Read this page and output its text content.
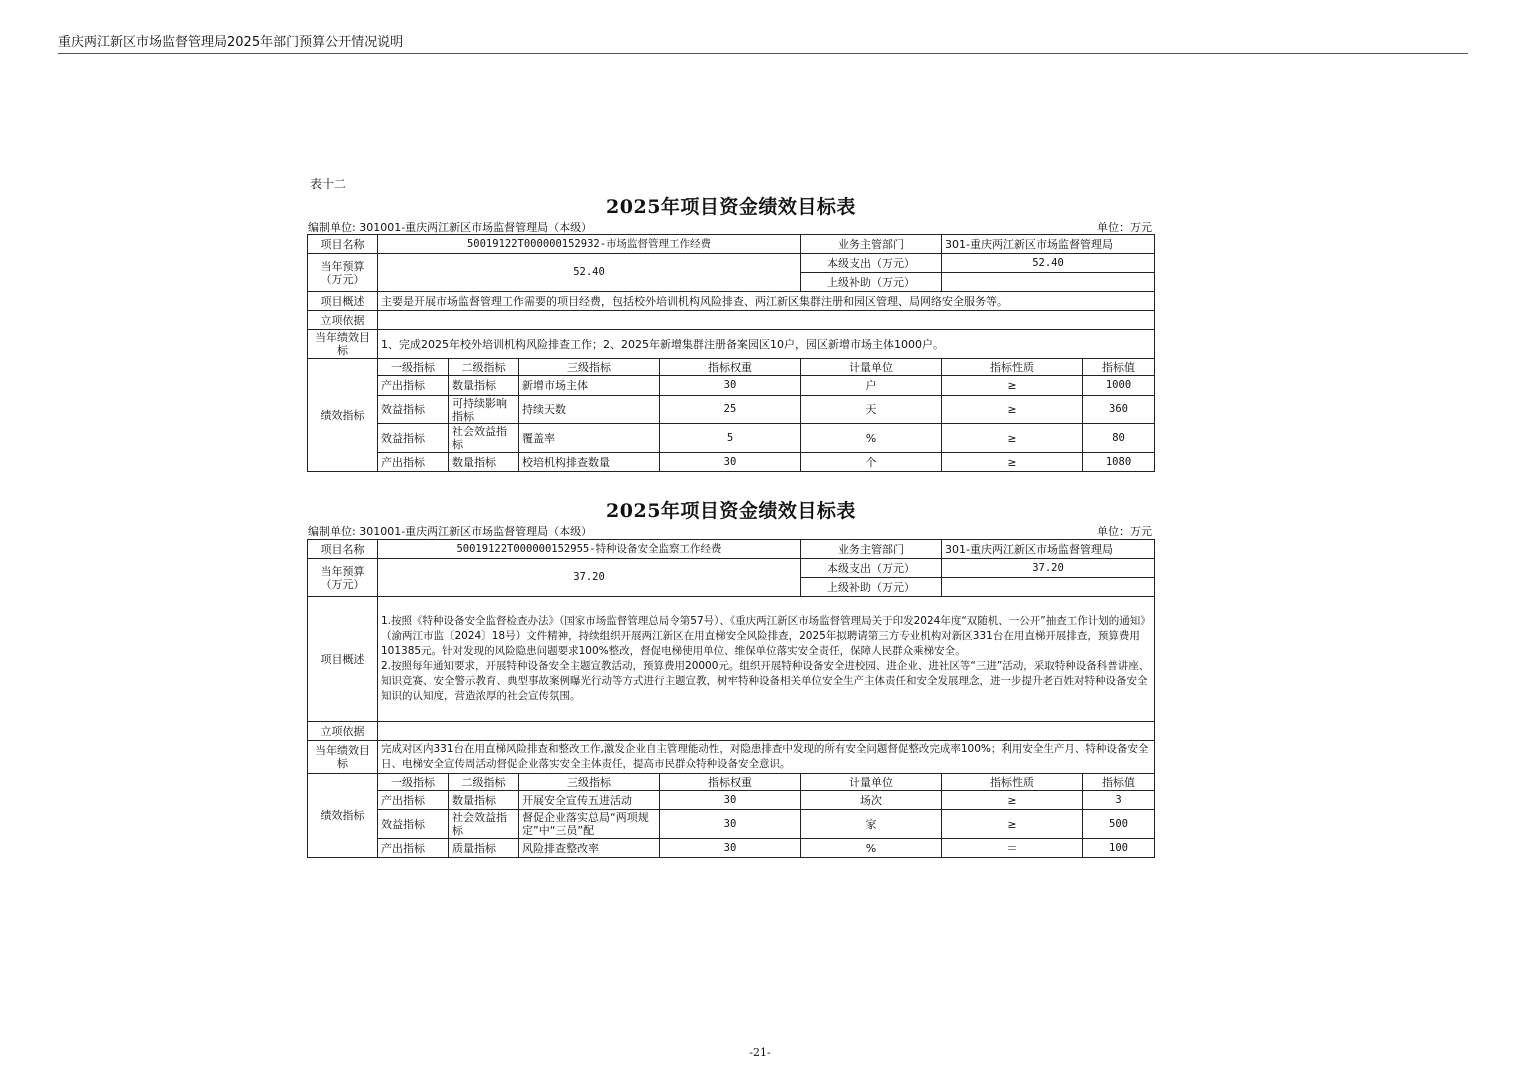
重庆两江新区市场监督管理局2025年部门预算公开情况说明
表十二
2025年项目资金绩效目标表
编制单位: 301001-重庆两江新区市场监督管理局（本级）	单位：万元
项目名称	50019122T000000152932-市场监督管理工作经费				业务主管部门	301-重庆两江新区市场监督管理局	
当年预算（万元）	52.40				本级支出（万元）	52.40	
					上级补助（万元）		
项目概述	主要是开展市场监督管理工作需要的项目经费，包括校外培训机构风险排查、两江新区集群注册和园区管理、局网络安全服务等。						
立项依据							
当年绩效目标	1、完成2025年校外培训机构风险排查工作；2、2025年新增集群注册备案园区10户，园区新增市场主体1000户。						
绩效指标	一级指标	二级指标	三级指标	指标权重	计量单位	指标性质	指标值
	产出指标	数量指标	新增市场主体	30	户	≥	1000
	效益指标	可持续影响指标	持续天数	25	天	≥	360
	效益指标	社会效益指标	覆盖率	5	%	≥	80
	产出指标	数量指标	校培机构排查数量	30	个	≥	1080
2025年项目资金绩效目标表
编制单位: 301001-重庆两江新区市场监督管理局（本级）	单位：万元
项目名称	50019122T000000152955-特种设备安全监察工作经费				业务主管部门	301-重庆两江新区市场监督管理局	
当年预算（万元）	37.20				本级支出（万元）	37.20	
					上级补助（万元）		
项目概述	1.按照《特种设备安全监督检查办法》（国家市场监督管理总局令第57号）、《重庆两江新区市场监督管理局关于印发2024年度“双随机、一公开”抽查工作计划的通知》（渝两江市监〔2024〕18号）文件精神，持续组织开展两江新区在用直梯安全风险排查，2025年拟聘请第三方专业机构对新区331台在用直梯开展排查，预算费用101385元。针对发现的风险隐患问题要求100%整改，督促电梯使用单位、维保单位落实安全责任，保障人民群众乘梯安全。
2.按照每年通知要求，开展特种设备安全主题宣教活动，预算费用20000元。组织开展特种设备安全进校园、进企业、进社区等“三进”活动，采取特种设备科普讲座、知识竞赛、安全警示教育、典型事故案例曝光行动等方式进行主题宣教，树牢特种设备相关单位安全生产主体责任和安全发展理念，进一步提升老百姓对特种设备安全知识的认知度，营造浓厚的社会宣传氛围。						

立项依据							
当年绩效目标	完成对区内331台在用直梯风险排查和整改工作,激发企业自主管理能动性，对隐患排查中发现的所有安全问题督促整改完成率100%；利用安全生产月、特种设备安全日、电梯安全宣传周活动督促企业落实安全主体责任，提高市民群众特种设备安全意识。						
绩效指标	一级指标	二级指标	三级指标	指标权重	计量单位	指标性质	指标值
	产出指标	数量指标	开展安全宣传五进活动	30	场次	≥	3
	效益指标	社会效益指标	督促企业落实总局“两项规定”中“三员”配	30	家	≥	500
	产出指标	质量指标	风险排查整改率	30	%	＝	100
-21-
